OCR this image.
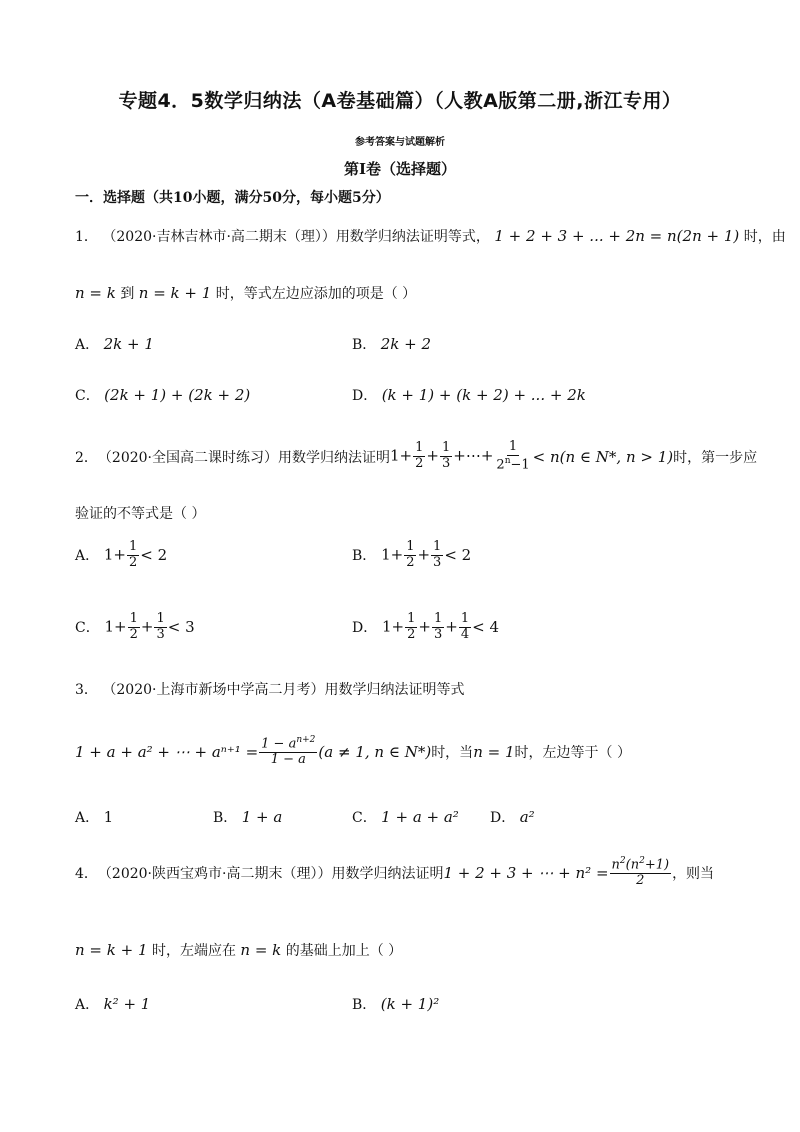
专题4．5数学归纳法（A卷基础篇）（人教A版第二册,浙江专用）
参考答案与试题解析
第Ⅰ卷（选择题）
一．选择题（共10小题，满分50分，每小题5分）
1． （2020·吉林吉林市·高二期末（理））用数学归纳法证明等式， 1 + 2 + 3 + ... + 2n = n(2n + 1) 时，由
n = k 到 n = k + 1 时，等式左边应添加的项是（ ）
A． 2k + 1	B． 2k + 2
C． (2k + 1) + (2k + 2)	D． (k + 1) + (k + 2) + ... + 2k
2． （2020·全国高二课时练习）用数学归纳法证明 $1+ \frac{1}{2} + \frac{1}{3}$ +⋯+ $\frac{1}{2^n-1} < n(n$ ∈ N*, n > 1) 时，第一步应
验证的不等式是（ ）
A． $1+ \frac{1}{2} < 2$	B． $1+ \frac{1}{2} + \frac{1}{3} < 2$
C． $1+ \frac{1}{2} + \frac{1}{3} < 3$	D． $1+ \frac{1}{2} + \frac{1}{3} + \frac{1}{4} < 4$
3． （2020·上海市新场中学高二月考）用数学归纳法证明等式
1 + a + a² + ⋯ + $a^{n+1} = \frac{1 - a^{n+2}}{1 - a} (a \ne 1$, n ∈ N*) 时，当 n = 1 时，左边等于（ ）
A． 1	B． 1 + a	C． 1 + a + a² D． a²
4． （2020·陕西宝鸡市·高二期末（理））用数学归纳法证明 1 + 2 + 3 + ⋯ + $n^2 = \frac{n^2(n^2+1)}{2}$ ，则当
n = k + 1 时，左端应在 n = k 的基础上加上（ ）
A． k² + 1	B． (k + 1)²
